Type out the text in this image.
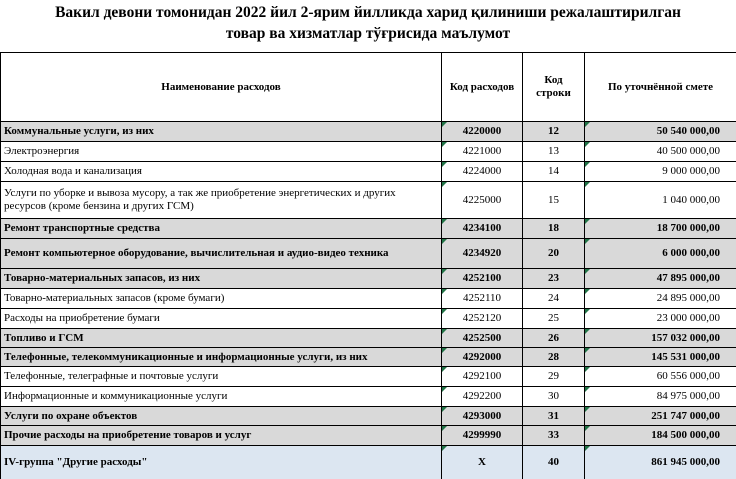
Вакил девони томонидан 2022 йил 2-ярим йилликда харид қилиниши режалаштирилган
товар ва хизматлар тўғрисида маълумот
Наименование расходов	Код расходов	Код строки	По уточнённой смете
Коммунальные услуги, из них	4220000	12	50 540 000,00
Электроэнергия	4221000	13	40 500 000,00
Холодная вода и канализация	4224000	14	9 000 000,00
Услуги по уборке и вывоза мусору, а так же приобретение энергетических и других ресурсов (кроме бензина и других ГСМ)	4225000	15	1 040 000,00
Ремонт транспортные средства	4234100	18	18 700 000,00
Ремонт компьютерное оборудование, вычислительная и аудио-видео техника	4234920	20	6 000 000,00
Товарно-материальных запасов, из них	4252100	23	47 895 000,00
Товарно-материальных запасов (кроме бумаги)	4252110	24	24 895 000,00
Расходы на приобретение бумаги	4252120	25	23 000 000,00
Топливо и ГСМ	4252500	26	157 032 000,00
Телефонные, телекоммуникационные и информационные услуги, из них	4292000	28	145 531 000,00
Телефонные, телеграфные и почтовые услуги	4292100	29	60 556 000,00
Информационные и коммуникационные услуги	4292200	30	84 975 000,00
Услуги по охране объектов	4293000	31	251 747 000,00
Прочие расходы на приобретение товаров и услуг	4299990	33	184 500 000,00
IV-группа "Другие расходы"	Х	40	861 945 000,00
